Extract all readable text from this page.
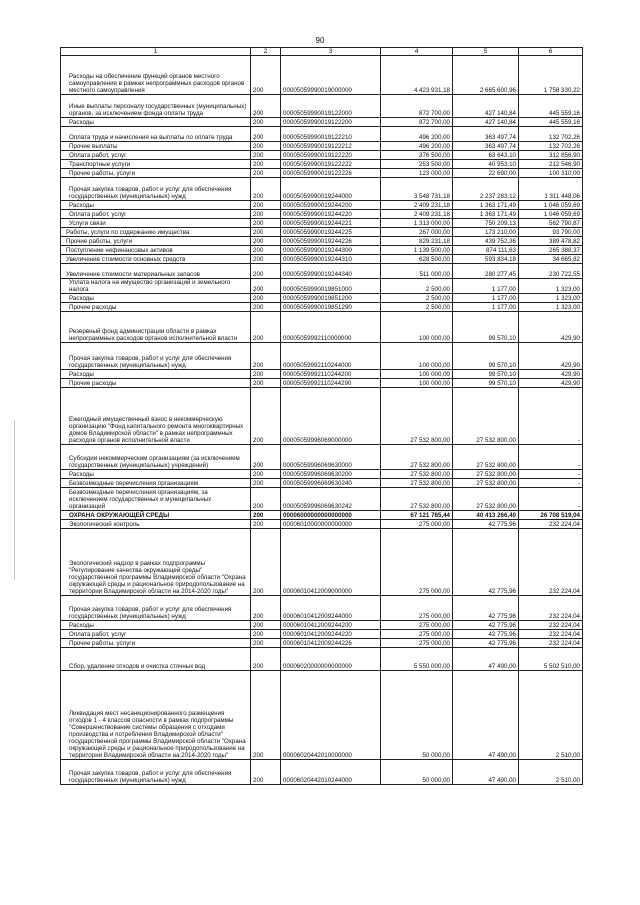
90
1	2	3	4	5	6
Расходы на обеспечение функций органов местного самоуправления в рамках непрограммных расходов органов местного самоуправления	200	00005059990019000000	4 423 931,18	2 665 600,96	1 758 330,22
Иные выплаты персоналу государственных (муниципальных) органов, за исключением фонда оплаты труда	200	00005059990019122000	872 700,00	427 140,84	445 559,16
Расходы	200	00005059990019122200	872 700,00	427 140,84	445 559,16
Оплата труда и начисления на выплаты по оплате труда	200	00005059990019122210	496 200,00	363 497,74	132 702,26
Прочие выплаты	200	00005059990019122212	496 200,00	363 497,74	132 702,26
Оплата работ, услуг	200	00005059990019122220	376 500,00	63 643,10	312 856,90
Транспортные услуги	200	00005059990019122222	253 500,00	40 953,10	212 546,90
Прочие работы, услуги	200	00005059990019122226	123 000,00	22 690,00	100 310,00
Прочая закупка товаров, работ и услуг для обеспечения государственных (муниципальных) нужд	200	00005059990019244000	3 548 731,18	2 237 283,12	1 311 448,06
Расходы	200	00005059990019244200	2 409 231,18	1 363 171,49	1 046 059,69
Оплата работ, услуг	200	00005059990019244220	2 409 231,18	1 363 171,49	1 046 059,69
Услуги связи	200	00005059990019244221	1 313 000,00	750 209,13	562 790,87
Работы, услуги по содержанию имущества	200	00005059990019244225	267 000,00	173 210,00	93 790,00
Прочие работы, услуги	200	00005059990019244226	829 231,18	439 752,36	389 478,82
Поступление нефинансовых активов	200	00005059990019244300	1 139 500,00	874 111,63	265 388,37
Увеличение стоимости основных средств	200	00005059990019244310	628 500,00	593 834,18	34 665,82
Увеличение стоимости материальных запасов	200	00005059990019244340	511 000,00	280 277,45	230 722,55
Уплата налога на имущество организаций и земельного налога	200	00005059990019851000	2 500,00	1 177,00	1 323,00
Расходы	200	00005059990019851200	2 500,00	1 177,00	1 323,00
Прочие расходы	200	00005059990019851290	2 500,00	1 177,00	1 323,00
Резервный фонд администрации области в рамках непрограммных расходов органов исполнительной власти	200	00005059992110000000	100 000,00	99 570,10	429,90
Прочая закупка товаров, работ и услуг для обеспечения государственных (муниципальных) нужд	200	00005059992110244000	100 000,00	99 570,10	429,90
Расходы	200	00005059992110244200	100 000,00	99 570,10	429,90
Прочие расходы	200	00005059992110244290	100 000,00	99 570,10	429,90
Ежегодный имущественный взнос в некоммерческую организацию "Фонд капитального ремонта многоквартирных домов Владимирской области" в рамках непрограммных расходов органов исполнительной власти	200	00005059996069000000	27 532 800,00	27 532 800,00	-
Субсидии некоммерческим организациям (за исключением государственных (муниципальных) учреждений)	200	00005059996069630000	27 532 800,00	27 532 800,00	-
Расходы	200	00005059996069630200	27 532 800,00	27 532 800,00	-
Безвозмездные перечисления организациям	200	00005059996069630240	27 532 800,00	27 532 800,00	-
Безвозмездные перечисления организациям, за исключением государственных и муниципальных организаций	200	00005059996069630242	27 532 800,00	27 532 800,00	-
ОХРАНА ОКРУЖАЮЩЕЙ СРЕДЫ	200	00006000000000000000	67 121 785,44	40 413 266,40	26 708 519,04
Экологический контроль	200	00006010000000000000	275 000,00	42 775,96	232 224,04
Экологический надзор в рамках подпрограммы "Регулирование качества окружающей среды" государственной программы Владимирской области "Охрана окружающей среды и рациональное природопользование на территории Владимирской области на 2014-2020 годы"	200	00006010412009000000	275 000,00	42 775,96	232 224,04
Прочая закупка товаров, работ и услуг для обеспечения государственных (муниципальных) нужд	200	00006010412009244000	275 000,00	42 775,96	232 224,04
Расходы	200	00006010412009244200	275 000,00	42 775,96	232 224,04
Оплата работ, услуг	200	00006010412009244220	275 000,00	42 775,96	232 224,04
Прочие работы, услуги	200	00006010412009244226	275 000,00	42 775,96	232 224,04
Сбор, удаление отходов и очистка сточных вод	200	00006020000000000000	5 550 000,00	47 490,00	5 502 510,00
Ликвидация мест несанкционированного размещения отходов 1 - 4 классов опасности в рамках подпрограммы "Совершенствование системы обращения с отходами производства и потребления Владимирской области" государственной программы Владимирской области "Охрана окружающей среды и рациональное природопользование на территории Владимирской области на 2014-2020 годы"	200	00006020442010000000	50 000,00	47 490,00	2 510,00
Прочая закупка товаров, работ и услуг для обеспечения государственных (муниципальных) нужд	200	00006020442010244000	50 000,00	47 490,00	2 510,00
